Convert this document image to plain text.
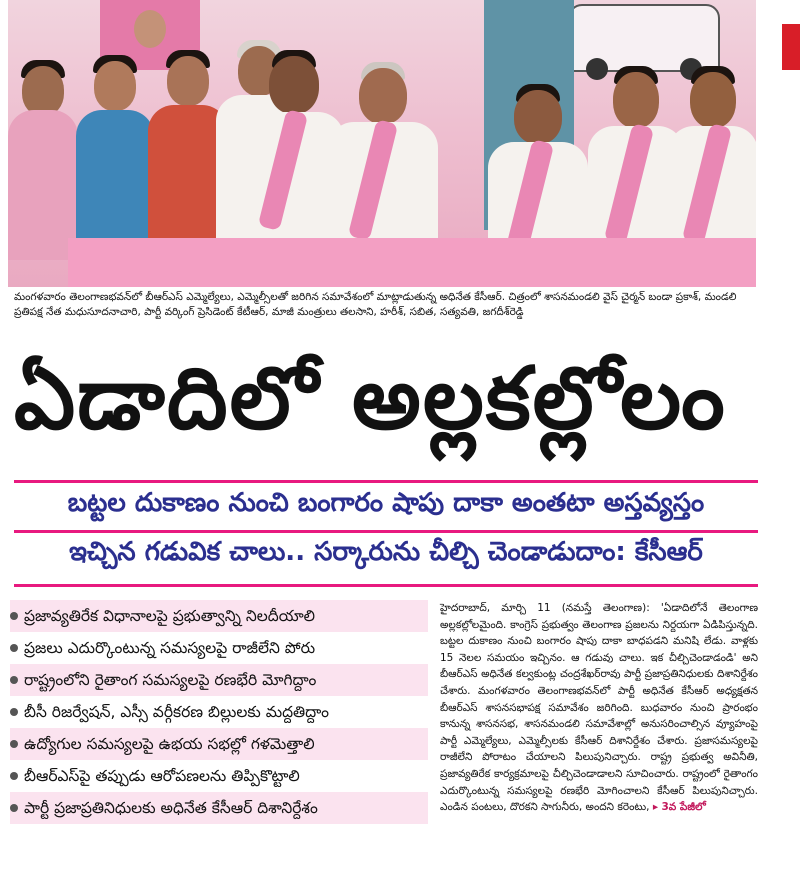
మంగళవారం తెలంగాణభవన్‌లో బీఆర్‌ఎస్‌ ఎమ్మెల్యేలు, ఎమ్మెల్సీలతో జరిగిన సమావేశంలో మాట్లాడుతున్న అధినేత కేసీఆర్‌. చిత్రంలో శాసనమండలి వైస్‌ చైర్మన్‌ బండా ప్రకాశ్‌, మండలి ప్రతిపక్ష నేత మధుసూదనాచారి, పార్టీ వర్కింగ్‌ ప్రెసిడెంట్‌ కేటీఆర్‌, మాజీ మంత్రులు తలసాని, హరీశ్‌, సబిత, సత్యవతి, జగదీశ్‌రెడ్డి
ఏడాదిలో అల్లకల్లోలం
బట్టల దుకాణం నుంచి బంగారం షాపు దాకా అంతటా అస్తవ్యస్తం
ఇచ్చిన గడువిక చాలు.. సర్కారును చీల్చి చెండాడుదాం: కేసీఆర్‌
ప్రజావ్యతిరేక విధానాలపై ప్రభుత్వాన్ని నిలదీయాలి
ప్రజలు ఎదుర్కొంటున్న సమస్యలపై రాజీలేని పోరు
రాష్ట్రంలోని రైతాంగ సమస్యలపై రణభేరి మోగిద్దాం
బీసీ రిజర్వేషన్‌, ఎస్సీ వర్గీకరణ బిల్లులకు మద్దతిద్దాం
ఉద్యోగుల సమస్యలపై ఉభయ సభల్లో గళమెత్తాలి
బీఆర్‌ఎస్‌పై తప్పుడు ఆరోపణలను తిప్పికొట్టాలి
పార్టీ ప్రజాప్రతినిధులకు అధినేత కేసీఆర్‌ దిశానిర్దేశం
హైదరాబాద్‌, మార్చి 11 (నమస్తే తెలంగాణ): 'ఏడాదిలోనే తెలంగాణ అల్లకల్లోలమైంది. కాంగ్రెస్‌ ప్రభుత్వం తెలంగాణ ప్రజలను నిర్దయగా ఏడిపిస్తున్నది. బట్టల దుకాణం నుంచి బంగారం షాపు దాకా బాధపడని మనిషి లేడు. వాళ్లకు 15 నెలల సమయం ఇచ్చినం. ఆ గడువు చాలు. ఇక చీల్చిచెండాడండి' అని బీఆర్‌ఎస్‌ అధినేత కల్వకుంట్ల చంద్రశేఖర్‌రావు పార్టీ ప్రజాప్రతినిధులకు దిశానిర్దేశం చేశారు. మంగళవారం తెలంగాణభవన్‌లో పార్టీ అధినేత కేసీఆర్‌ అధ్యక్షతన బీఆర్‌ఎస్‌ శాసనసభాపక్ష సమావేశం జరిగింది. బుధవారం నుంచి ప్రారంభం కానున్న శాసనసభ, శాసనమండలి సమావేశాల్లో అనుసరించాల్సిన వ్యూహంపై పార్టీ ఎమ్మెల్యేలు, ఎమ్మెల్సీలకు కేసీఆర్‌ దిశానిర్దేశం చేశారు. ప్రజాసమస్యలపై రాజీలేని పోరాటం చేయాలని పిలుపునిచ్చారు. రాష్ట్ర ప్రభుత్వ అవినీతి, ప్రజావ్యతిరేక కార్యక్రమాలపై చీల్చిచెండాడాలని సూచించారు. రాష్ట్రంలో రైతాంగం ఎదుర్కొంటున్న సమస్యలపై రణభేరి మోగించాలని కేసీఆర్‌ పిలుపునిచ్చారు. ఎండిన పంటలు, దొరకని సాగునీరు, అందని కరెంటు, ▸ 3వ పేజీలో
